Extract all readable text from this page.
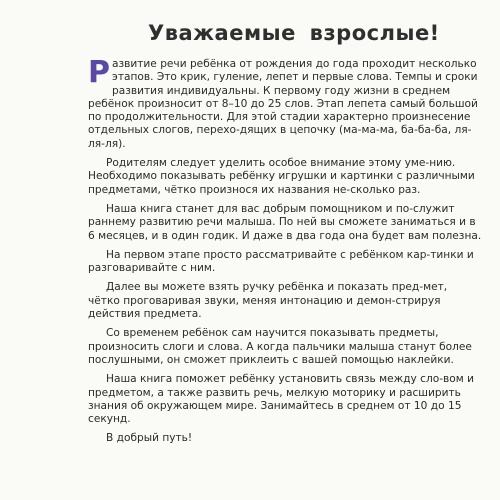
Уважаемые взрослые!

Развитие речи ребёнка от рождения до года проходит несколько этапов. Это крик, гуление, лепет и первые слова. Темпы и сроки развития индивидуальны. К первому году жизни в среднем ребёнок произносит от 8–10 до 25 слов. Этап лепета самый большой по продолжительности. Для этой стадии характерно произнесение отдельных слогов, перехо-дящих в цепочку (ма-ма-ма, ба-ба-ба, ля-ля-ля).

Родителям следует уделить особое внимание этому уме-нию. Необходимо показывать ребёнку игрушки и картинки с различными предметами, чётко произнося их названия не-сколько раз.

Наша книга станет для вас добрым помощником и по-служит раннему развитию речи малыша. По ней вы сможете заниматься и в 6 месяцев, и в один годик. И даже в два года она будет вам полезна.

На первом этапе просто рассматривайте с ребёнком кар-тинки и разговаривайте с ним.

Далее вы можете взять ручку ребёнка и показать пред-мет, чётко проговаривая звуки, меняя интонацию и демон-стрируя действия предмета.

Со временем ребёнок сам научится показывать предметы, произносить слоги и слова. А когда пальчики малыша станут более послушными, он сможет приклеить с вашей помощью наклейки.

Наша книга поможет ребёнку установить связь между сло-вом и предметом, а также развить речь, мелкую моторику и расширить знания об окружающем мире. Занимайтесь в среднем от 10 до 15 секунд.

В добрый путь!
